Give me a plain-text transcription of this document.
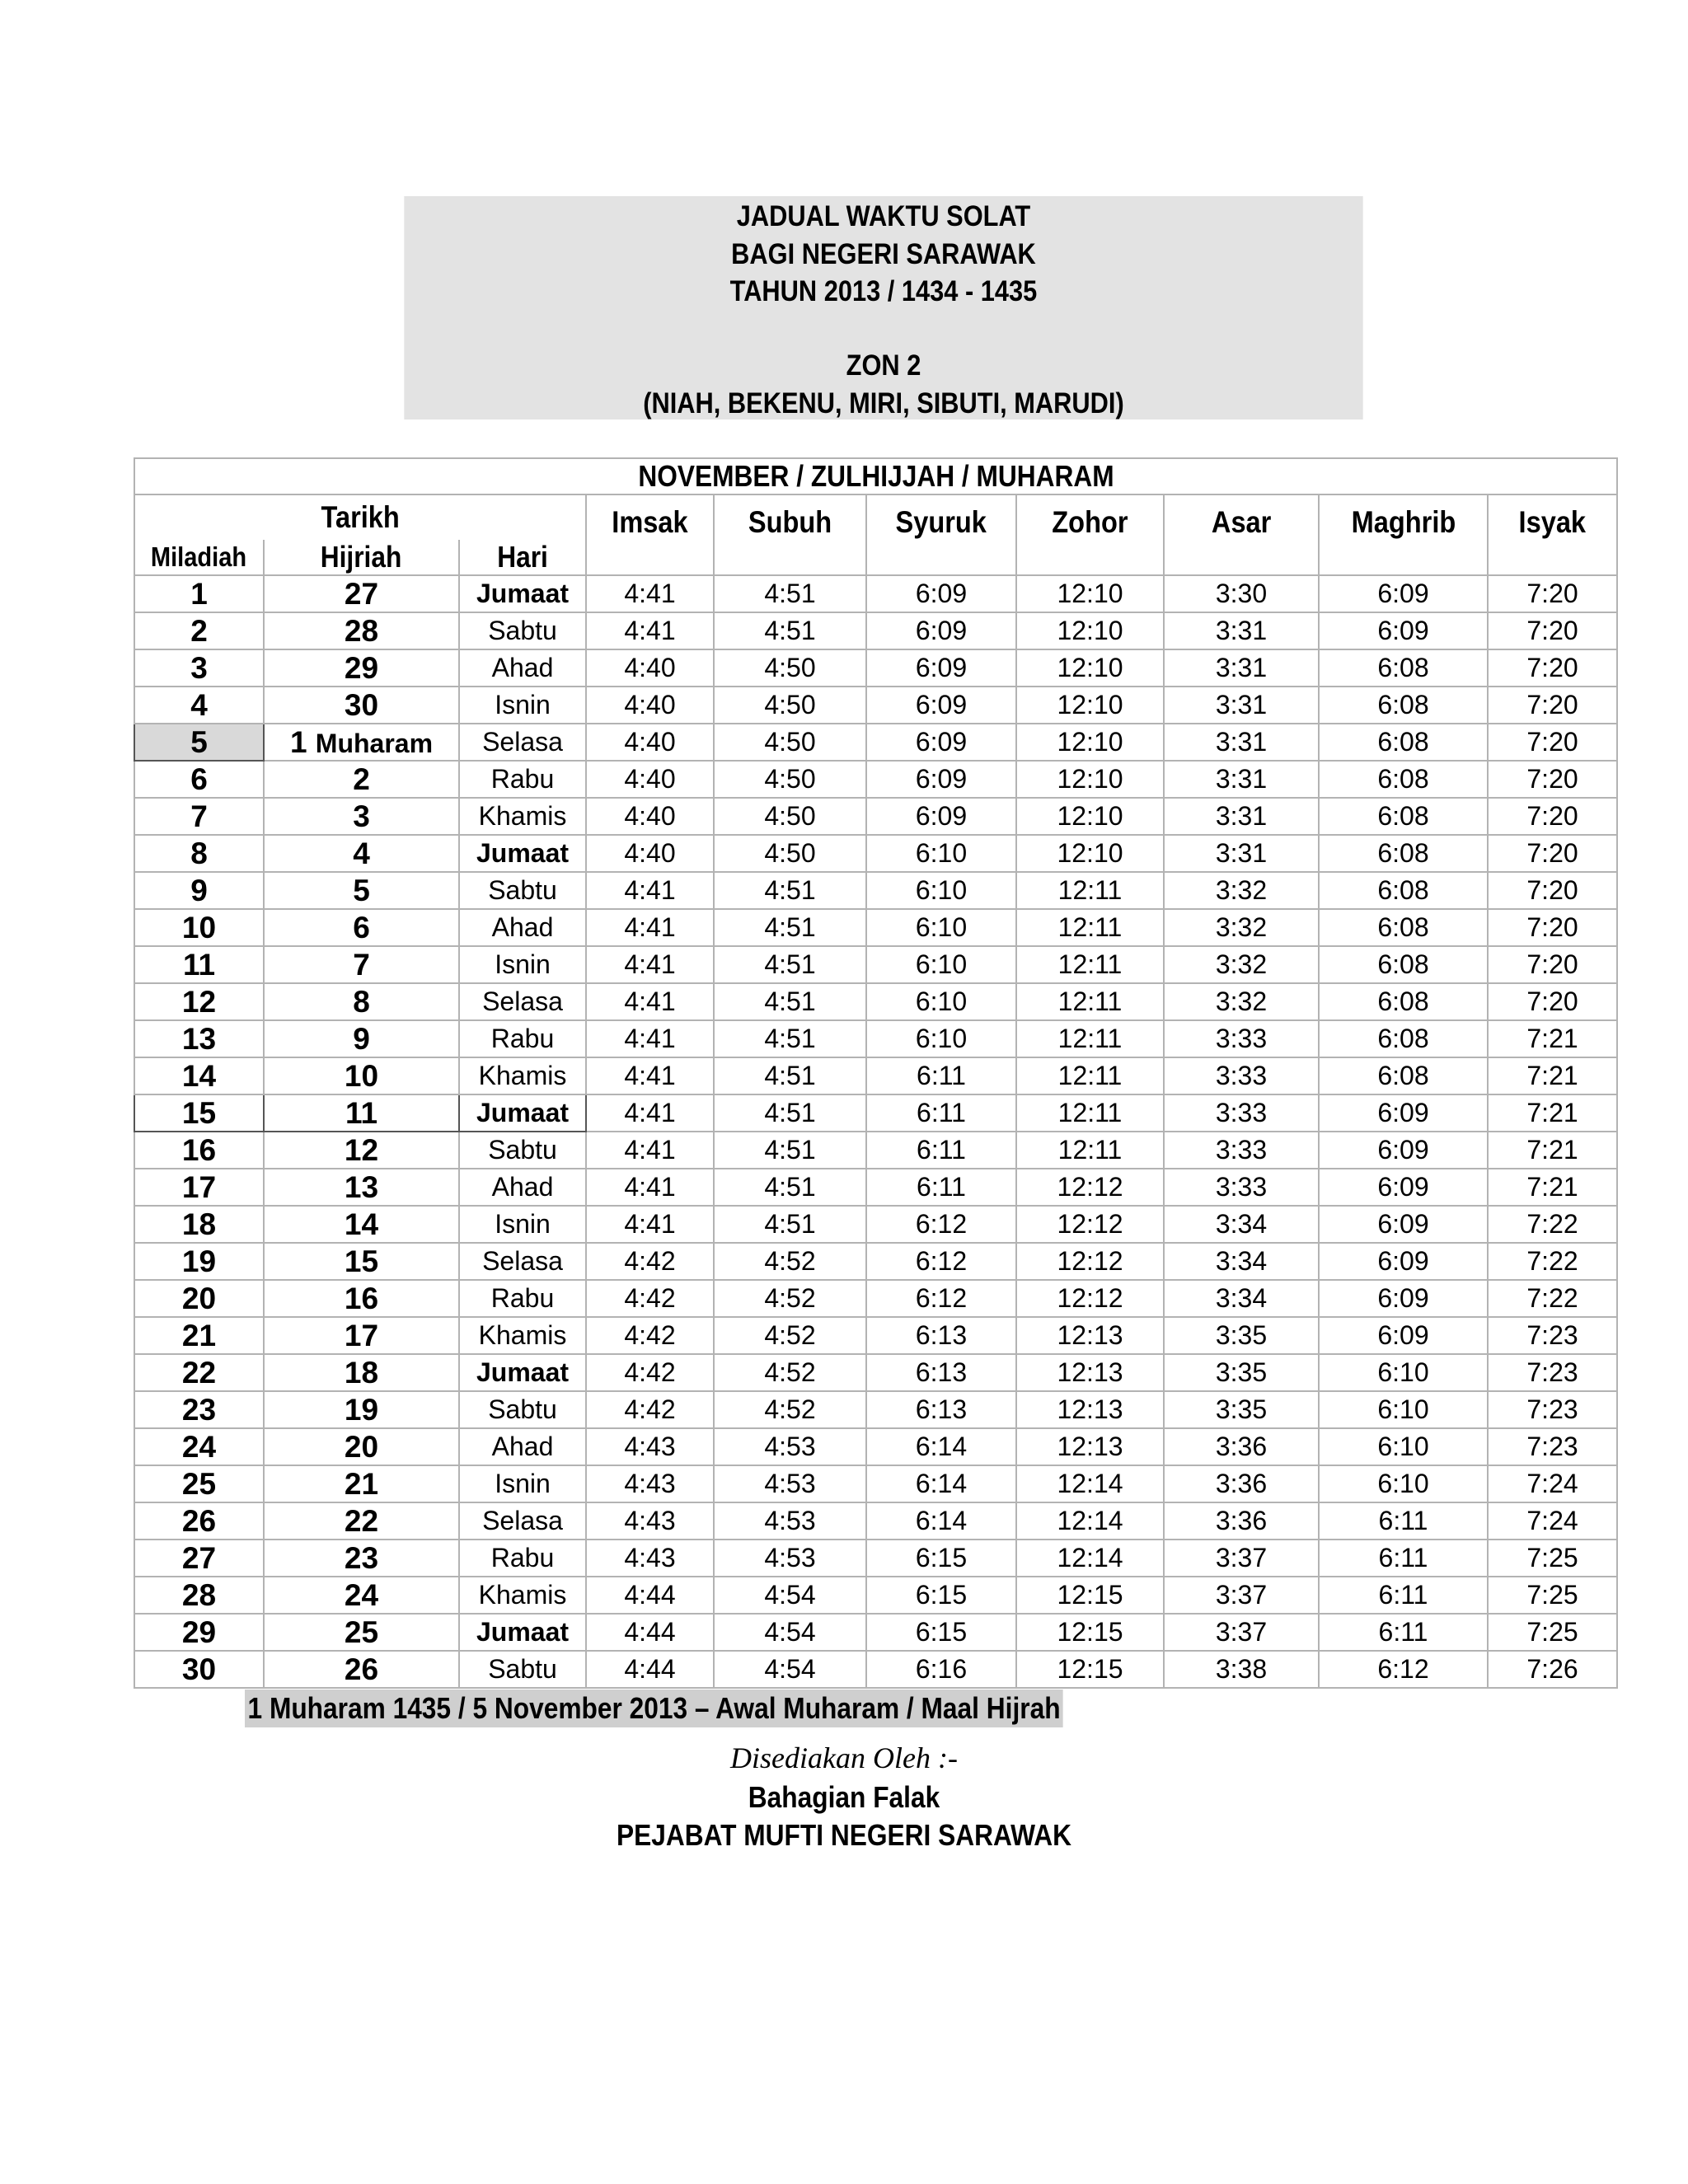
JADUAL WAKTU SOLAT
BAGI NEGERI SARAWAK
TAHUN 2013 / 1434 - 1435
ZON 2
(NIAH, BEKENU, MIRI, SIBUTI, MARUDI)
NOVEMBER / ZULHIJJAH / MUHARAM									
Tarikh			Imsak	Subuh	Syuruk	Zohor	Asar	Maghrib	Isyak
Miladiah	Hijriah	Hari							
1	27	Jumaat	4:41	4:51	6:09	12:10	3:30	6:09	7:20
2	28	Sabtu	4:41	4:51	6:09	12:10	3:31	6:09	7:20
3	29	Ahad	4:40	4:50	6:09	12:10	3:31	6:08	7:20
4	30	Isnin	4:40	4:50	6:09	12:10	3:31	6:08	7:20
5	1 Muharam	Selasa	4:40	4:50	6:09	12:10	3:31	6:08	7:20
6	2	Rabu	4:40	4:50	6:09	12:10	3:31	6:08	7:20
7	3	Khamis	4:40	4:50	6:09	12:10	3:31	6:08	7:20
8	4	Jumaat	4:40	4:50	6:10	12:10	3:31	6:08	7:20
9	5	Sabtu	4:41	4:51	6:10	12:11	3:32	6:08	7:20
10	6	Ahad	4:41	4:51	6:10	12:11	3:32	6:08	7:20
11	7	Isnin	4:41	4:51	6:10	12:11	3:32	6:08	7:20
12	8	Selasa	4:41	4:51	6:10	12:11	3:32	6:08	7:20
13	9	Rabu	4:41	4:51	6:10	12:11	3:33	6:08	7:21
14	10	Khamis	4:41	4:51	6:11	12:11	3:33	6:08	7:21
15	11	Jumaat	4:41	4:51	6:11	12:11	3:33	6:09	7:21
16	12	Sabtu	4:41	4:51	6:11	12:11	3:33	6:09	7:21
17	13	Ahad	4:41	4:51	6:11	12:12	3:33	6:09	7:21
18	14	Isnin	4:41	4:51	6:12	12:12	3:34	6:09	7:22
19	15	Selasa	4:42	4:52	6:12	12:12	3:34	6:09	7:22
20	16	Rabu	4:42	4:52	6:12	12:12	3:34	6:09	7:22
21	17	Khamis	4:42	4:52	6:13	12:13	3:35	6:09	7:23
22	18	Jumaat	4:42	4:52	6:13	12:13	3:35	6:10	7:23
23	19	Sabtu	4:42	4:52	6:13	12:13	3:35	6:10	7:23
24	20	Ahad	4:43	4:53	6:14	12:13	3:36	6:10	7:23
25	21	Isnin	4:43	4:53	6:14	12:14	3:36	6:10	7:24
26	22	Selasa	4:43	4:53	6:14	12:14	3:36	6:11	7:24
27	23	Rabu	4:43	4:53	6:15	12:14	3:37	6:11	7:25
28	24	Khamis	4:44	4:54	6:15	12:15	3:37	6:11	7:25
29	25	Jumaat	4:44	4:54	6:15	12:15	3:37	6:11	7:25
30	26	Sabtu	4:44	4:54	6:16	12:15	3:38	6:12	7:26
1 Muharam 1435 / 5 November 2013 – Awal Muharam / Maal Hijrah
Disediakan Oleh :-
Bahagian Falak
PEJABAT MUFTI NEGERI SARAWAK
